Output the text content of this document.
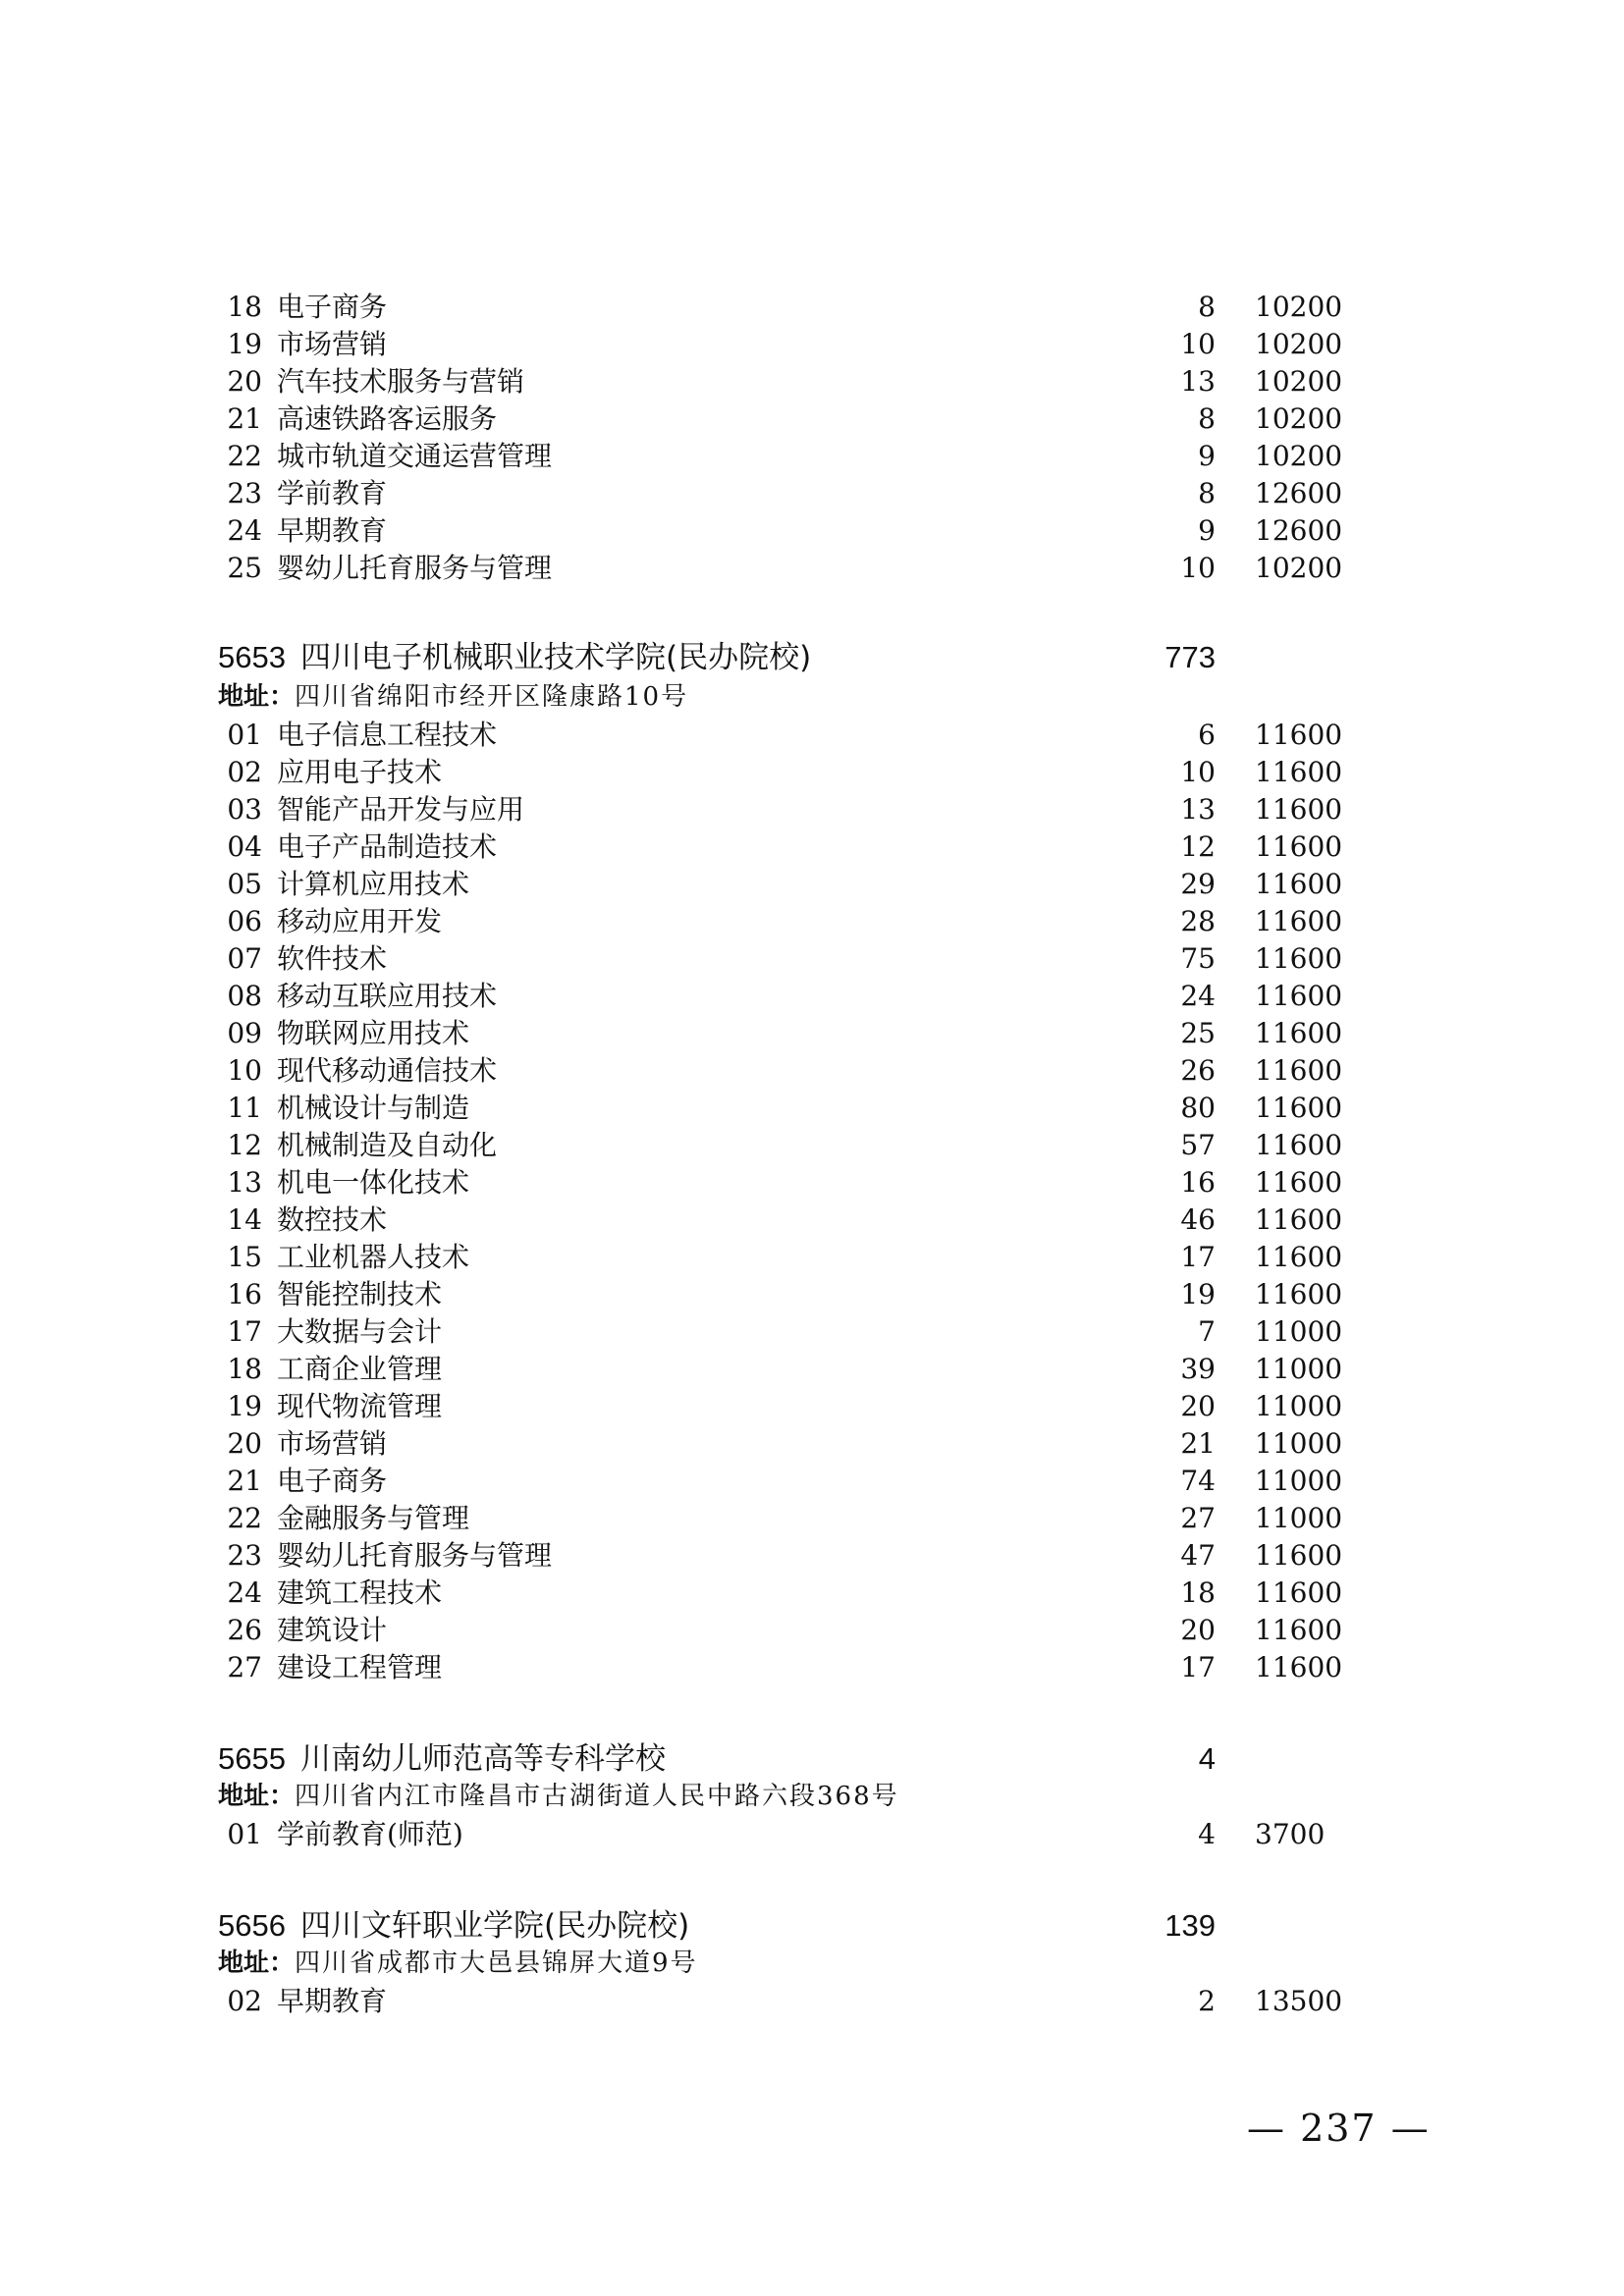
18 电子商务	8 10200
19 市场营销	10 10200
20 汽车技术服务与营销	13 10200
21 高速铁路客运服务	8 10200
22 城市轨道交通运营管理	9 10200
23 学前教育	8 12600
24 早期教育	9 12600
25 婴幼儿托育服务与管理	10 10200
5653 四川电子机械职业技术学院(民办院校)	773
地址：四川省绵阳市经开区隆康路10号
01 电子信息工程技术	6 11600
02 应用电子技术	10 11600
03 智能产品开发与应用	13 11600
04 电子产品制造技术	12 11600
05 计算机应用技术	29 11600
06 移动应用开发	28 11600
07 软件技术	75 11600
08 移动互联应用技术	24 11600
09 物联网应用技术	25 11600
10 现代移动通信技术	26 11600
11 机械设计与制造	80 11600
12 机械制造及自动化	57 11600
13 机电一体化技术	16 11600
14 数控技术	46 11600
15 工业机器人技术	17 11600
16 智能控制技术	19 11600
17 大数据与会计	7 11000
18 工商企业管理	39 11000
19 现代物流管理	20 11000
20 市场营销	21 11000
21 电子商务	74 11000
22 金融服务与管理	27 11000
23 婴幼儿托育服务与管理	47 11600
24 建筑工程技术	18 11600
26 建筑设计	20 11600
27 建设工程管理	17 11600
5655 川南幼儿师范高等专科学校	4
地址：四川省内江市隆昌市古湖街道人民中路六段368号
01 学前教育(师范)	4 3700
5656 四川文轩职业学院(民办院校)	139
地址：四川省成都市大邑县锦屏大道9号
02 早期教育	2 13500
— 237 —
